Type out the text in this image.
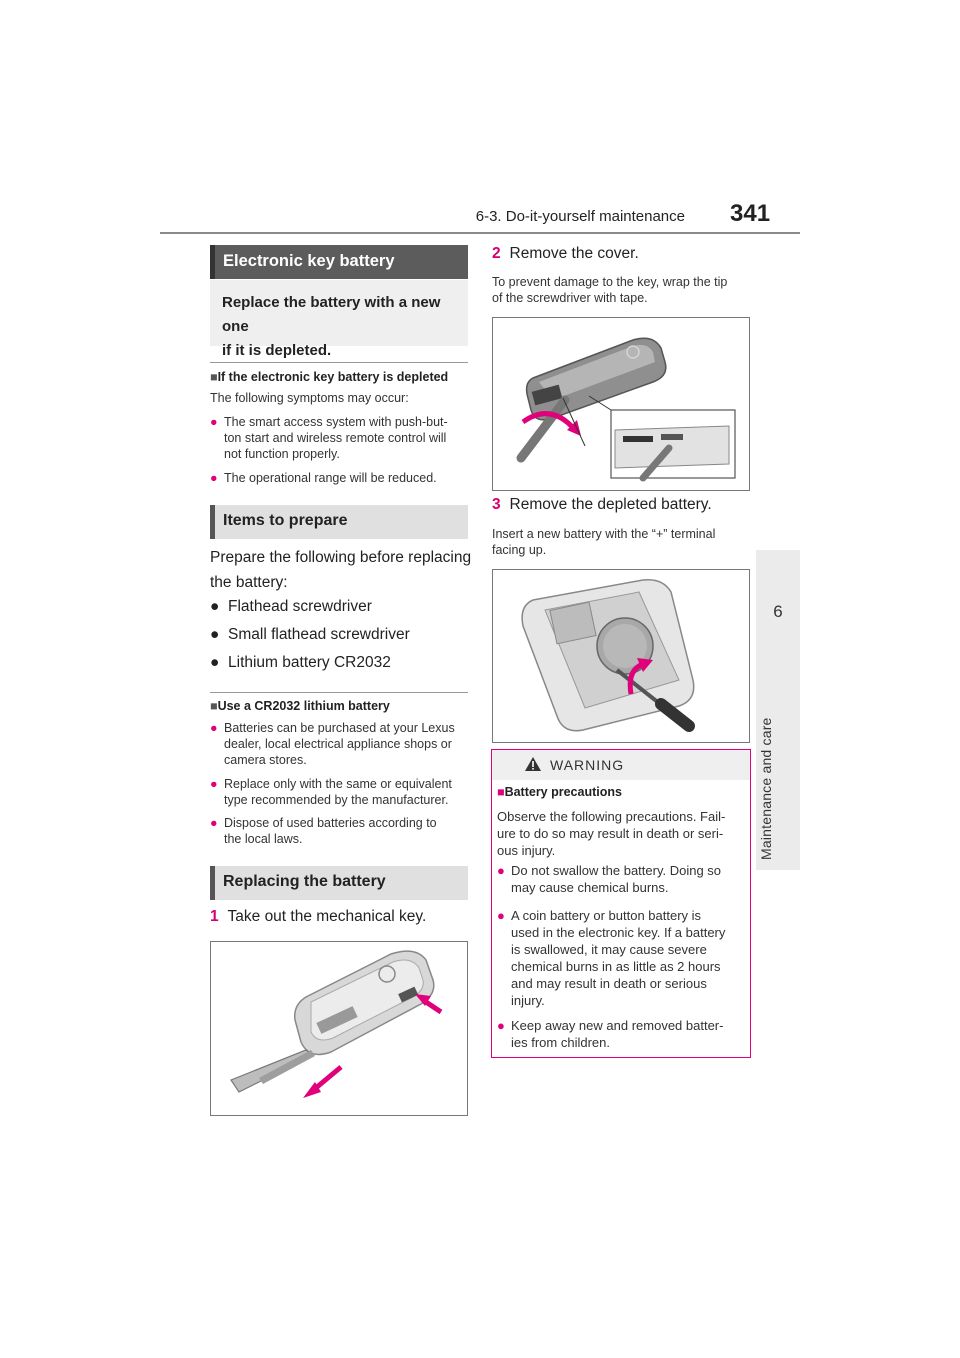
6-3. Do-it-yourself maintenance 341
6
Maintenance and care
Electronic key battery
Replace the battery with a new one
if it is depleted.
■If the electronic key battery is depleted
The following symptoms may occur:
● The smart access system with push-but-
ton start and wireless remote control will
not function properly.
● The operational range will be reduced.
Items to prepare
Prepare the following before replacing
the battery:
● Flathead screwdriver
● Small flathead screwdriver
● Lithium battery CR2032
■Use a CR2032 lithium battery
● Batteries can be purchased at your Lexus
dealer, local electrical appliance shops or
camera stores.
● Replace only with the same or equivalent
type recommended by the manufacturer.
● Dispose of used batteries according to
the local laws.
Replacing the battery
1 Take out the mechanical key.
2 Remove the cover.
To prevent damage to the key, wrap the tip
of the screwdriver with tape.
3 Remove the depleted battery.
Insert a new battery with the “+” terminal
facing up.
WARNING
■Battery precautions
Observe the following precautions. Fail-
ure to do so may result in death or seri-
ous injury.
● Do not swallow the battery. Doing so
may cause chemical burns.
● A coin battery or button battery is
used in the electronic key. If a battery
is swallowed, it may cause severe
chemical burns in as little as 2 hours
and may result in death or serious
injury.
● Keep away new and removed batter-
ies from children.
